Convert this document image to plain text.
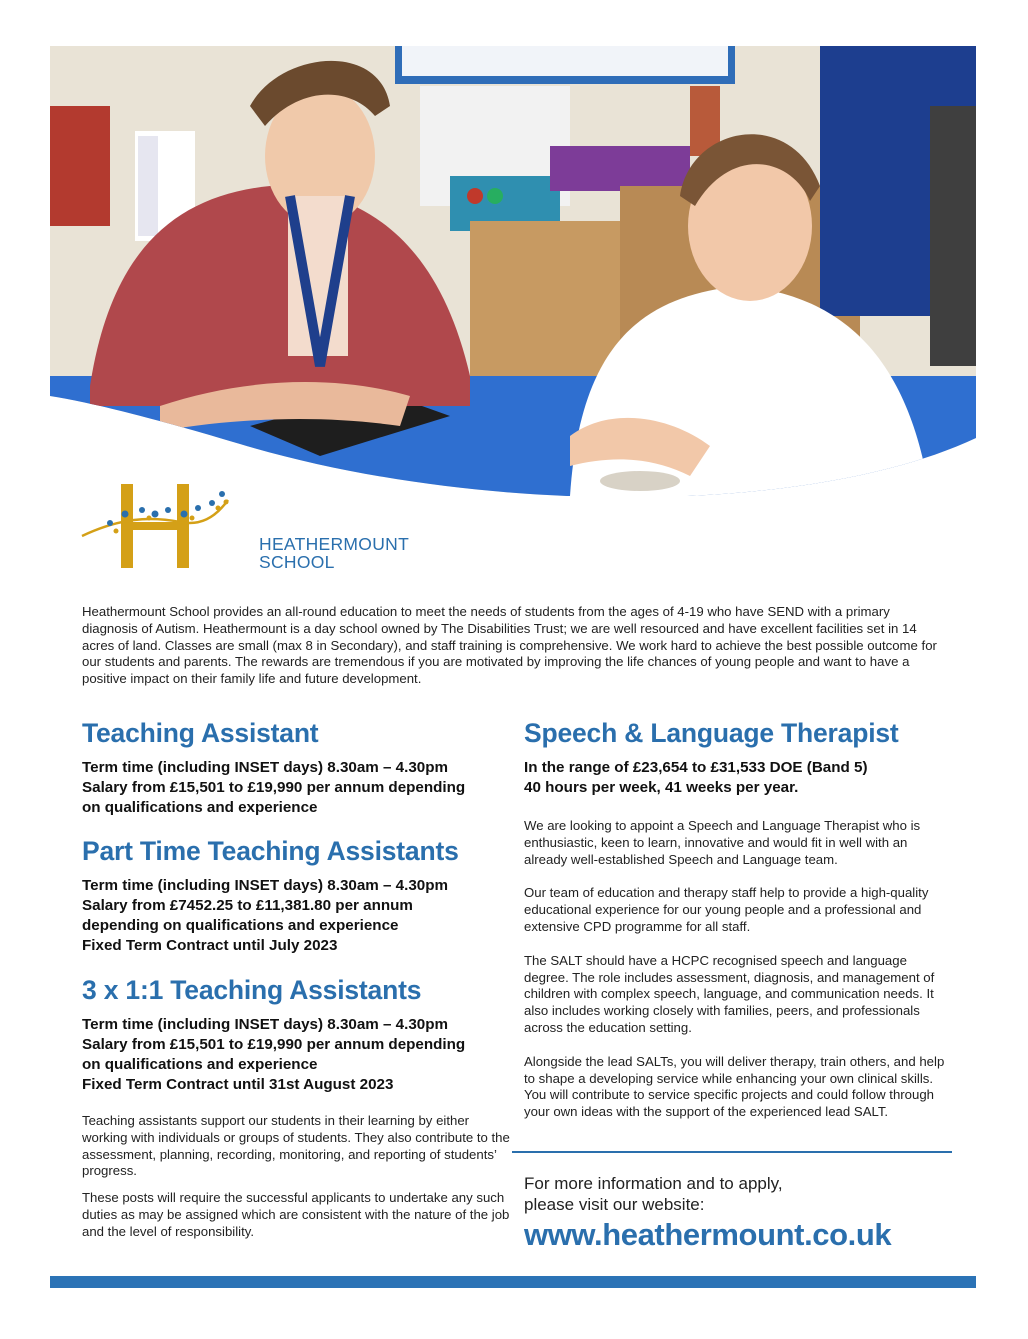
HEATHERMOUNT
SCHOOL

Heathermount School provides an all-round education to meet the needs of students from the ages of 4-19 who have SEND with a primary diagnosis of Autism. Heathermount is a day school owned by The Disabilities Trust; we are well resourced and have excellent facilities set in 14 acres of land. Classes are small (max 8 in Secondary), and staff training is comprehensive. We work hard to achieve the best possible outcome for our students and parents. The rewards are tremendous if you are motivated by improving the life chances of young people and want to have a positive impact on their family life and future development.

Teaching Assistant
Term time (including INSET days) 8.30am – 4.30pm
Salary from £15,501 to £19,990 per annum depending
on qualifications and experience
Part Time Teaching Assistants
Term time (including INSET days) 8.30am – 4.30pm
Salary from £7452.25 to £11,381.80 per annum
depending on qualifications and experience
Fixed Term Contract until July 2023
3 x 1:1 Teaching Assistants
Term time (including INSET days) 8.30am – 4.30pm
Salary from £15,501 to £19,990 per annum depending
on qualifications and experience
Fixed Term Contract until 31st August 2023

Teaching assistants support our students in their learning by either working with individuals or groups of students. They also contribute to the assessment, planning, recording, monitoring, and reporting of students’ progress.

These posts will require the successful applicants to undertake any such duties as may be assigned which are consistent with the nature of the job and the level of responsibility.

Speech & Language Therapist
In the range of £23,654 to £31,533 DOE (Band 5)
40 hours per week, 41 weeks per year.

We are looking to appoint a Speech and Language Therapist who is enthusiastic, keen to learn, innovative and would fit in well with an already well-established Speech and Language team.

Our team of education and therapy staff help to provide a high-quality educational experience for our young people and a professional and extensive CPD programme for all staff.

The SALT should have a HCPC recognised speech and language degree. The role includes assessment, diagnosis, and management of children with complex speech, language, and communication needs. It also includes working closely with families, peers, and professionals across the education setting.

Alongside the lead SALTs, you will deliver therapy, train others, and help to shape a developing service while enhancing your own clinical skills. You will contribute to service specific projects and could follow through your own ideas with the support of the experienced lead SALT.

For more information and to apply,
please visit our website:
www.heathermount.co.uk
